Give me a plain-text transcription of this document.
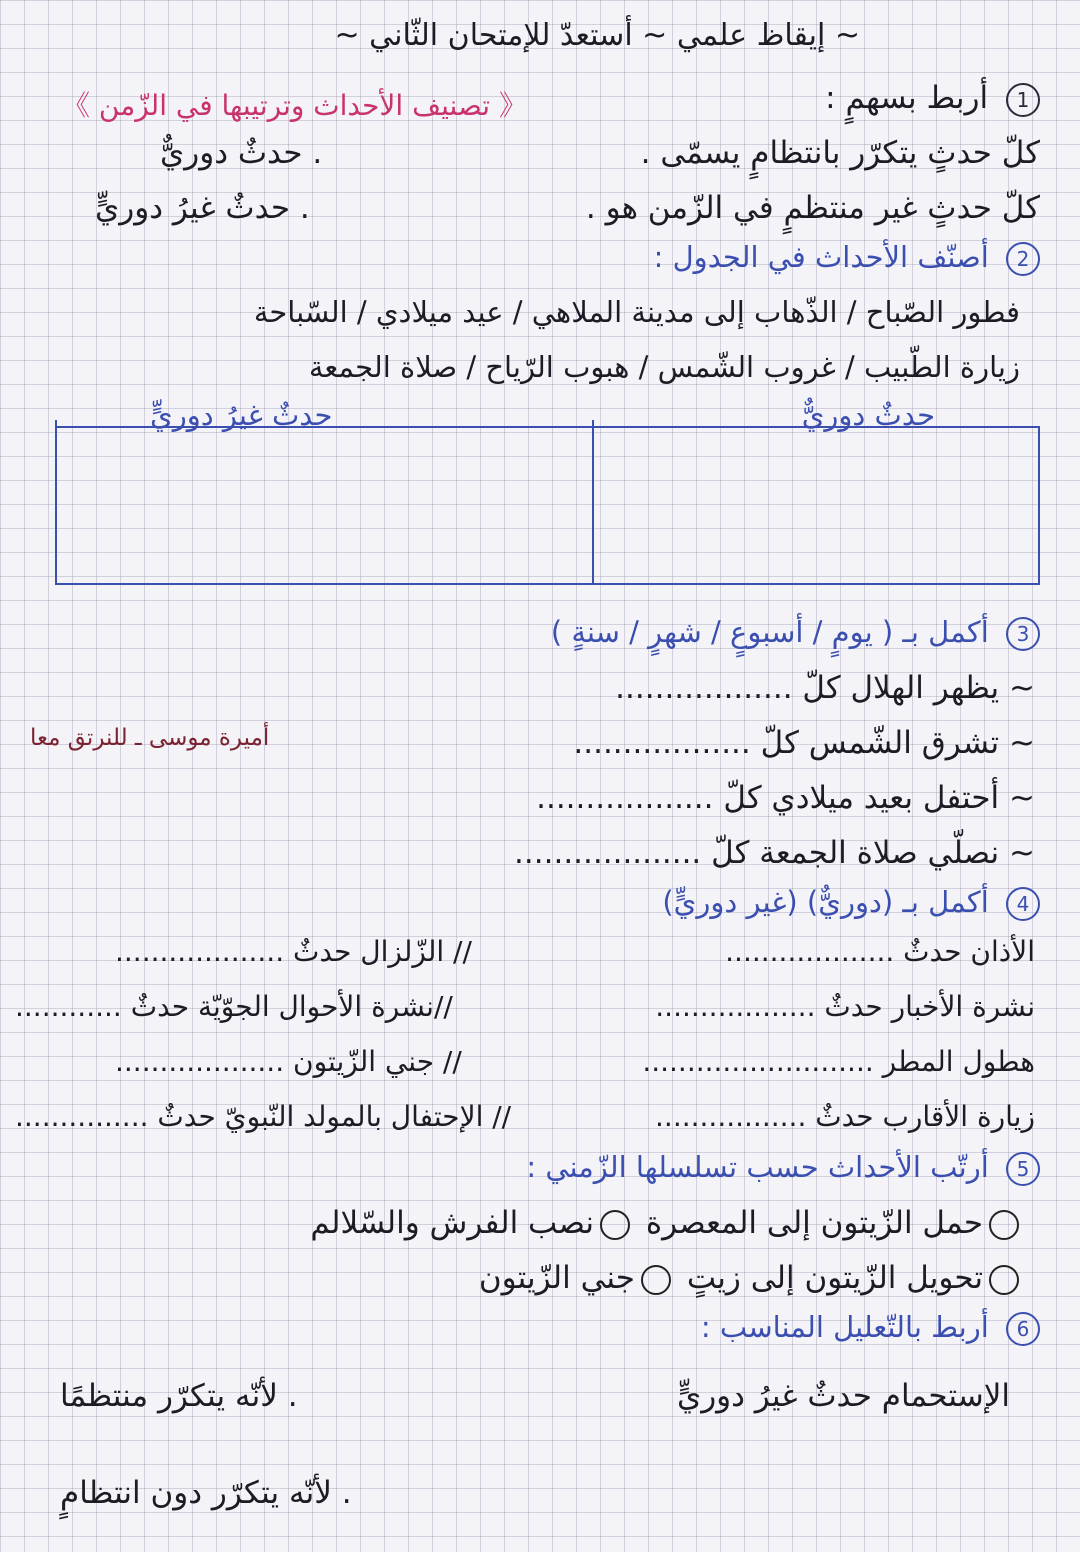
~ إيقاظ علمي ~ أستعدّ للإمتحان الثّاني ~
1 أربط بسهمٍ :
《 تصنيف الأحداث وترتيبها في الزّمن 》
كلّ حدثٍ يتكرّر بانتظامٍ يسمّى .
. حدثٌ دوريٌّ
كلّ حدثٍ غير منتظمٍ في الزّمن هو .
. حدثٌ غيرُ دوريٍّ
2 أصنّف الأحداث في الجدول :
فطور الصّباح / الذّهاب إلى مدينة الملاهي / عيد ميلادي / السّباحة
زيارة الطّبيب / غروب الشّمس / هبوب الرّياح / صلاة الجمعة
حدثٌ دوريٌّ
حدثٌ غيرُ دوريٍّ
3 أكمل بـ ( يومٍ / أسبوعٍ / شهرٍ / سنةٍ )
~ يظهر الهلال كلّ ..................
~ تشرق الشّمس كلّ ..................
~ أحتفل بعيد ميلادي كلّ ..................
~ نصلّي صلاة الجمعة كلّ ...................
أميرة موسى ـ للنرتق معا
4 أكمل بـ (دوريٌّ) (غير دوريٍّ)
الأذان حدثٌ ...................
// الزّلزال حدثٌ ...................
نشرة الأخبار حدثٌ ..................
//نشرة الأحوال الجوّيّة حدثٌ ............
هطول المطر ..........................
// جني الزّيتون ...................
زيارة الأقارب حدثٌ .................
// الإحتفال بالمولد النّبويّ حدثٌ ...............
5 أرتّب الأحداث حسب تسلسلها الزّمني :
حمل الزّيتون إلى المعصرة نصب الفرش والسّلالم
تحويل الزّيتون إلى زيتٍ جني الزّيتون
6 أربط بالتّعليل المناسب :
الإستحمام حدثٌ غيرُ دوريٍّ
. لأنّه يتكرّر منتظمًا
. لأنّه يتكرّر دون انتظامٍ
